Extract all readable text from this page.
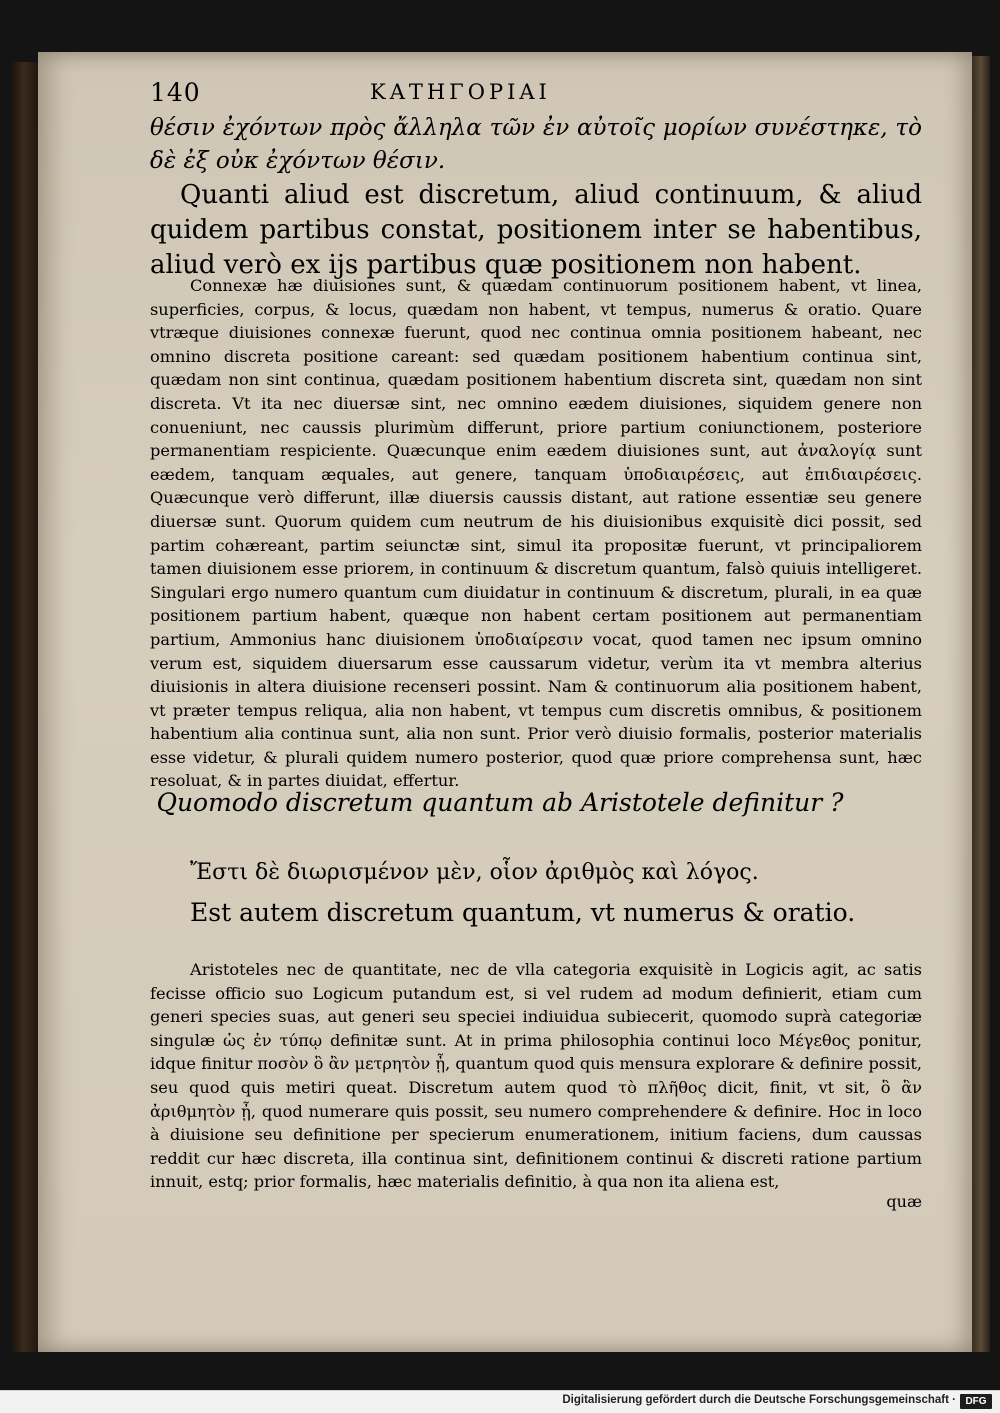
140	ΚΑΤΗΓΟΡΙΑΙ
θέσιν ἐχόντων πρὸς ἄλληλα τῶν ἐν αὐτοῖς μορίων συνέστηκε, τὸ δὲ ἐξ οὐκ ἐχόντων θέσιν.
Quanti aliud est discretum, aliud continuum, & aliud quidem partibus constat, positionem inter se habentibus, aliud verò ex ijs partibus quæ positionem non habent.
Connexæ hæ diuisiones sunt, & quædam continuorum positionem habent, vt linea, superficies, corpus, & locus, quædam non habent, vt tempus, numerus & oratio. Quare vtræque diuisiones connexæ fuerunt, quod nec continua omnia positionem habeant, nec omnino discreta positione careant: sed quædam positionem habentium continua sint, quædam non sint continua, quædam positionem habentium discreta sint, quædam non sint discreta. Vt ita nec diuersæ sint, nec omnino eædem diuisiones, siquidem genere non conueniunt, nec caussis plurimùm differunt, priore partium coniunctionem, posteriore permanentiam respiciente. Quæcunque enim eædem diuisiones sunt, aut ἀναλογίᾳ sunt eædem, tanquam æquales, aut genere, tanquam ὑποδιαιρέσεις, aut ἐπιδιαιρέσεις. Quæcunque verò differunt, illæ diuersis caussis distant, aut ratione essentiæ seu genere diuersæ sunt. Quorum quidem cum neutrum de his diuisionibus exquisitè dici possit, sed partim cohæreant, partim seiunctæ sint, simul ita propositæ fuerunt, vt principaliorem tamen diuisionem esse priorem, in continuum & discretum quantum, falsò quiuis intelligeret. Singulari ergo numero quantum cum diuidatur in continuum & discretum, plurali, in ea quæ positionem partium habent, quæque non habent certam positionem aut permanentiam partium, Ammonius hanc diuisionem ὑποδιαίρεσιν vocat, quod tamen nec ipsum omnino verum est, siquidem diuersarum esse caussarum videtur, verùm ita vt membra alterius diuisionis in altera diuisione recenseri possint. Nam & continuorum alia positionem habent, vt præter tempus reliqua, alia non habent, vt tempus cum discretis omnibus, & positionem habentium alia continua sunt, alia non sunt. Prior verò diuisio formalis, posterior materialis esse videtur, & plurali quidem numero posterior, quod quæ priore comprehensa sunt, hæc resoluat, & in partes diuidat, effertur.
Quomodo discretum quantum ab Aristotele definitur ?
Ἔστι δὲ διωρισμένον μὲν, οἷον ἀριθμὸς καὶ λόγος.
Est autem discretum quantum, vt numerus & oratio.
Aristoteles nec de quantitate, nec de vlla categoria exquisitè in Logicis agit, ac satis fecisse officio suo Logicum putandum est, si vel rudem ad modum definierit, etiam cum generi species suas, aut generi seu speciei indiuidua subiecerit, quomodo suprà categoriæ singulæ ὡς ἐν τύπῳ definitæ sunt. At in prima philosophia continui loco Μέγεθος ponitur, idque finitur ποσὸν ὃ ἂν μετρητὸν ᾖ, quantum quod quis mensura explorare & definire possit, seu quod quis metiri queat. Discretum autem quod τὸ πλῆθος dicit, finit, vt sit, ὃ ἂν ἀριθμητὸν ᾖ, quod numerare quis possit, seu numero comprehendere & definire. Hoc in loco à diuisione seu definitione per specierum enumerationem, initium faciens, dum caussas reddit cur hæc discreta, illa continua sint, definitionem continui & discreti ratione partium innuit, estq; prior formalis, hæc materialis definitio, à qua non ita aliena est,
quæ
Digitalisierung gefördert durch die Deutsche Forschungsgemeinschaft · DFG
